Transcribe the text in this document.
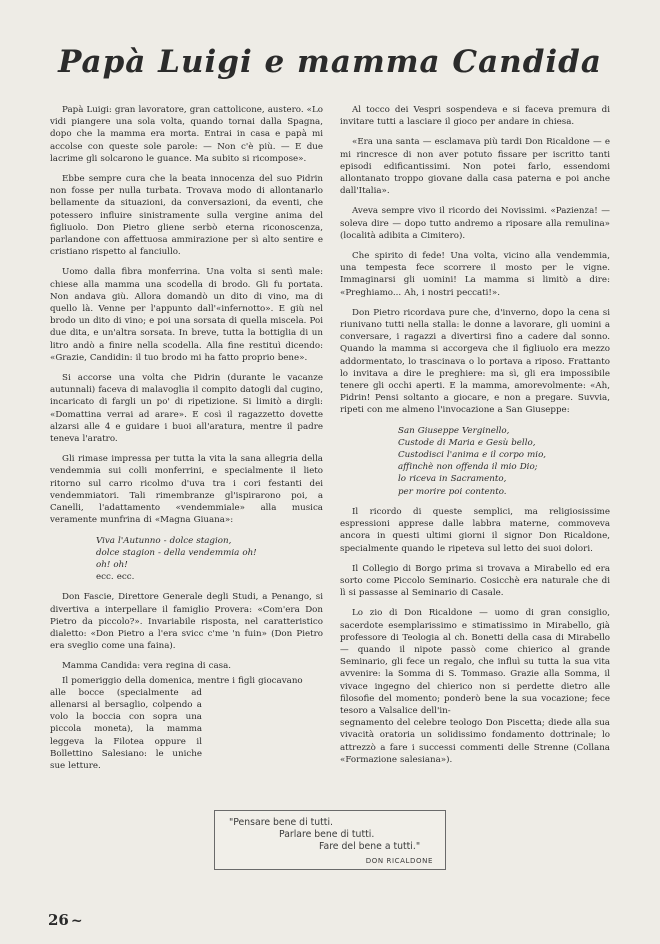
Papà Luigi e mamma Candida

Papà Luigi: gran lavoratore, gran cattolicone, austero. «Lo vidi piangere una sola volta, quando tornai dalla Spagna, dopo che la mamma era morta. Entrai in casa e papà mi accolse con queste sole parole: — Non c'è più. — E due lacrime gli solcarono le guance. Ma subito si ricompose».

Ebbe sempre cura che la beata innocenza del suo Pidrin non fosse per nulla turbata. Trovava modo di allontanarlo bellamente da situazioni, da conversazioni, da eventi, che potessero influire sinistramente sulla vergine anima del figliuolo. Don Pietro gliene serbò eterna riconoscenza, parlandone con affettuosa ammirazione per sì alto sentire e cristiano rispetto al fanciullo.

Uomo dalla fibra monferrina. Una volta si sentì male: chiese alla mamma una scodella di brodo. Gli fu portata. Non andava giù. Allora domandò un dito di vino, ma di quello là. Venne per l'appunto dall'«infernotto». E giù nel brodo un dito di vino; e poi una sorsata di quella miscela. Poi due dita, e un'altra sorsata. In breve, tutta la bottiglia di un litro andò a finire nella scodella. Alla fine restituì dicendo: «Grazie, Candidin: il tuo brodo mi ha fatto proprio bene».

Si accorse una volta che Pidrin (durante le vacanze autunnali) faceva di malavoglia il compito datogli dal cugino, incaricato di fargli un po' di ripetizione. Si limitò a dirgli: «Domattina verrai ad arare». E così il ragazzetto dovette alzarsi alle 4 e guidare i buoi all'aratura, mentre il padre teneva l'aratro.

Gli rimase impressa per tutta la vita la sana allegria della vendemmia sui colli monferrini, e specialmente il lieto ritorno sul carro ricolmo d'uva tra i cori festanti dei vendemmiatori. Tali rimembranze gl'ispirarono poi, a Canelli, l'adattamento «vendemmiale» alla musica veramente munfrina di «Magna Giuana»:

Viva l'Autunno - dolce stagion,
dolce stagion - della vendemmia oh!
oh! oh!
ecc. ecc.

Don Fascie, Direttore Generale degli Studi, a Penango, si divertiva a interpellare il famiglio Provera: «Com'era Don Pietro da piccolo?». Invariabile risposta, nel caratteristico dialetto: «Don Pietro a l'era svicc c'me 'n fuin» (Don Pietro era sveglio come una faina).

Mamma Candida: vera regina di casa.

Il pomeriggio della domenica, mentre i figli giocavano

alle bocce (specialmente ad allenarsi al bersaglio, colpendo a volo la boccia con sopra una piccola moneta), la mamma leggeva la Filotea oppure il Bollettino Salesiano: le uniche sue letture.

Al tocco dei Vespri sospendeva e si faceva premura di invitare tutti a lasciare il gioco per andare in chiesa.

«Era una santa — esclamava più tardi Don Ricaldone — e mi rincresce di non aver potuto fissare per iscritto tanti episodi edificantissimi. Non potei farlo, essendomi allontanato troppo giovane dalla casa paterna e poi anche dall'Italia».

Aveva sempre vivo il ricordo dei Novissimi. «Pazienza! — soleva dire — dopo tutto andremo a riposare alla remulina» (località adibita a Cimitero).

Che spirito di fede! Una volta, vicino alla vendemmia, una tempesta fece scorrere il mosto per le vigne. Immaginarsi gli uomini! La mamma si limitò a dire: «Preghiamo... Ah, i nostri peccati!».

Don Pietro ricordava pure che, d'inverno, dopo la cena si riunivano tutti nella stalla: le donne a lavorare, gli uomini a conversare, i ragazzi a divertirsi fino a cadere dal sonno. Quando la mamma si accorgeva che il figliuolo era mezzo addormentato, lo trascinava o lo portava a riposo. Frattanto lo invitava a dire le preghiere: ma sì, gli era impossibile tenere gli occhi aperti. E la mamma, amorevolmente: «Ah, Pidrin! Pensi soltanto a giocare, e non a pregare. Suvvia, ripeti con me almeno l'invocazione a San Giuseppe:

San Giuseppe Verginello,
Custode di Maria e Gesù bello,
Custodisci l'anima e il corpo mio,
affinchè non offenda il mio Dio;
lo riceva in Sacramento,
per morire poi contento.

Il ricordo di queste semplici, ma religiosissime espressioni apprese dalle labbra materne, commoveva ancora in questi ultimi giorni il signor Don Ricaldone, specialmente quando le ripeteva sul letto dei suoi dolori.

Il Collegio di Borgo prima si trovava a Mirabello ed era sorto come Piccolo Seminario. Cosicchè era naturale che di lì si passasse al Seminario di Casale.

Lo zio di Don Ricaldone — uomo di gran consiglio, sacerdote esemplarissimo e stimatissimo in Mirabello, già professore di Teologia al ch. Bonetti della casa di Mirabello — quando il nipote passò come chierico al grande Seminario, gli fece un regalo, che influì su tutta la sua vita avvenire: la Somma di S. Tommaso. Grazie alla Somma, il vivace ingegno del chierico non si perdette dietro alle filosofie del momento; ponderò bene la sua vocazione; fece tesoro a Valsalice dell'in-

segnamento del celebre teologo Don Piscetta; diede alla sua vivacità oratoria un solidissimo fondamento dottrinale; lo attrezzò a fare i successi commenti delle Strenne (Collana «Formazione salesiana»).

"Pensare bene di tutti.
Parlare bene di tutti.
Fare del bene a tutti."
DON RICALDONE
26 ~
